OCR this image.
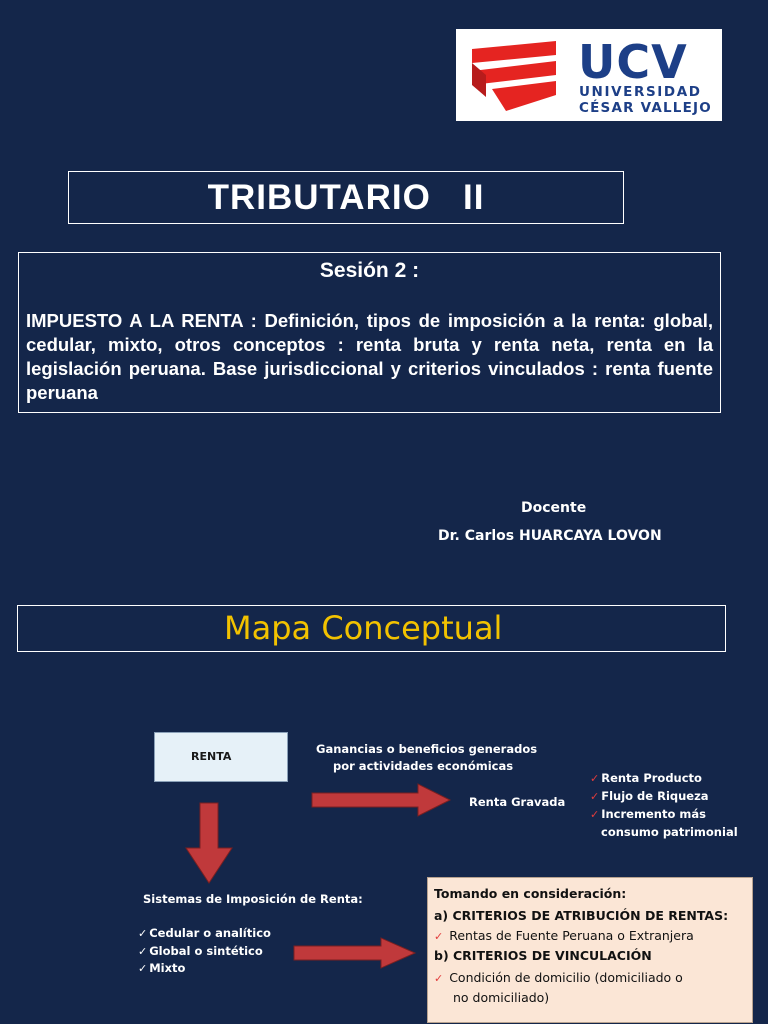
UCV
UNIVERSIDAD
CÉSAR VALLEJO
TRIBUTARIO   II
Sesión 2 :
IMPUESTO A LA RENTA : Definición, tipos de imposición a la renta: global, cedular, mixto, otros conceptos : renta bruta y renta neta, renta en la legislación peruana. Base jurisdiccional y criterios vinculados : renta fuente peruana
Docente
Dr. Carlos HUARCAYA LOVON
Mapa Conceptual
RENTA
Ganancias o beneficios generados
por actividades económicas
Renta Gravada
✓ Renta Producto
✓ Flujo de Riqueza
✓ Incremento más
consumo patrimonial
Sistemas de Imposición de Renta:
✓ Cedular o analítico
✓ Global o sintético
✓ Mixto
Tomando en consideración:
a) CRITERIOS DE ATRIBUCIÓN DE RENTAS:
✓ Rentas de Fuente Peruana o Extranjera
b) CRITERIOS DE VINCULACIÓN
✓ Condición de domicilio (domiciliado o
no domiciliado)
